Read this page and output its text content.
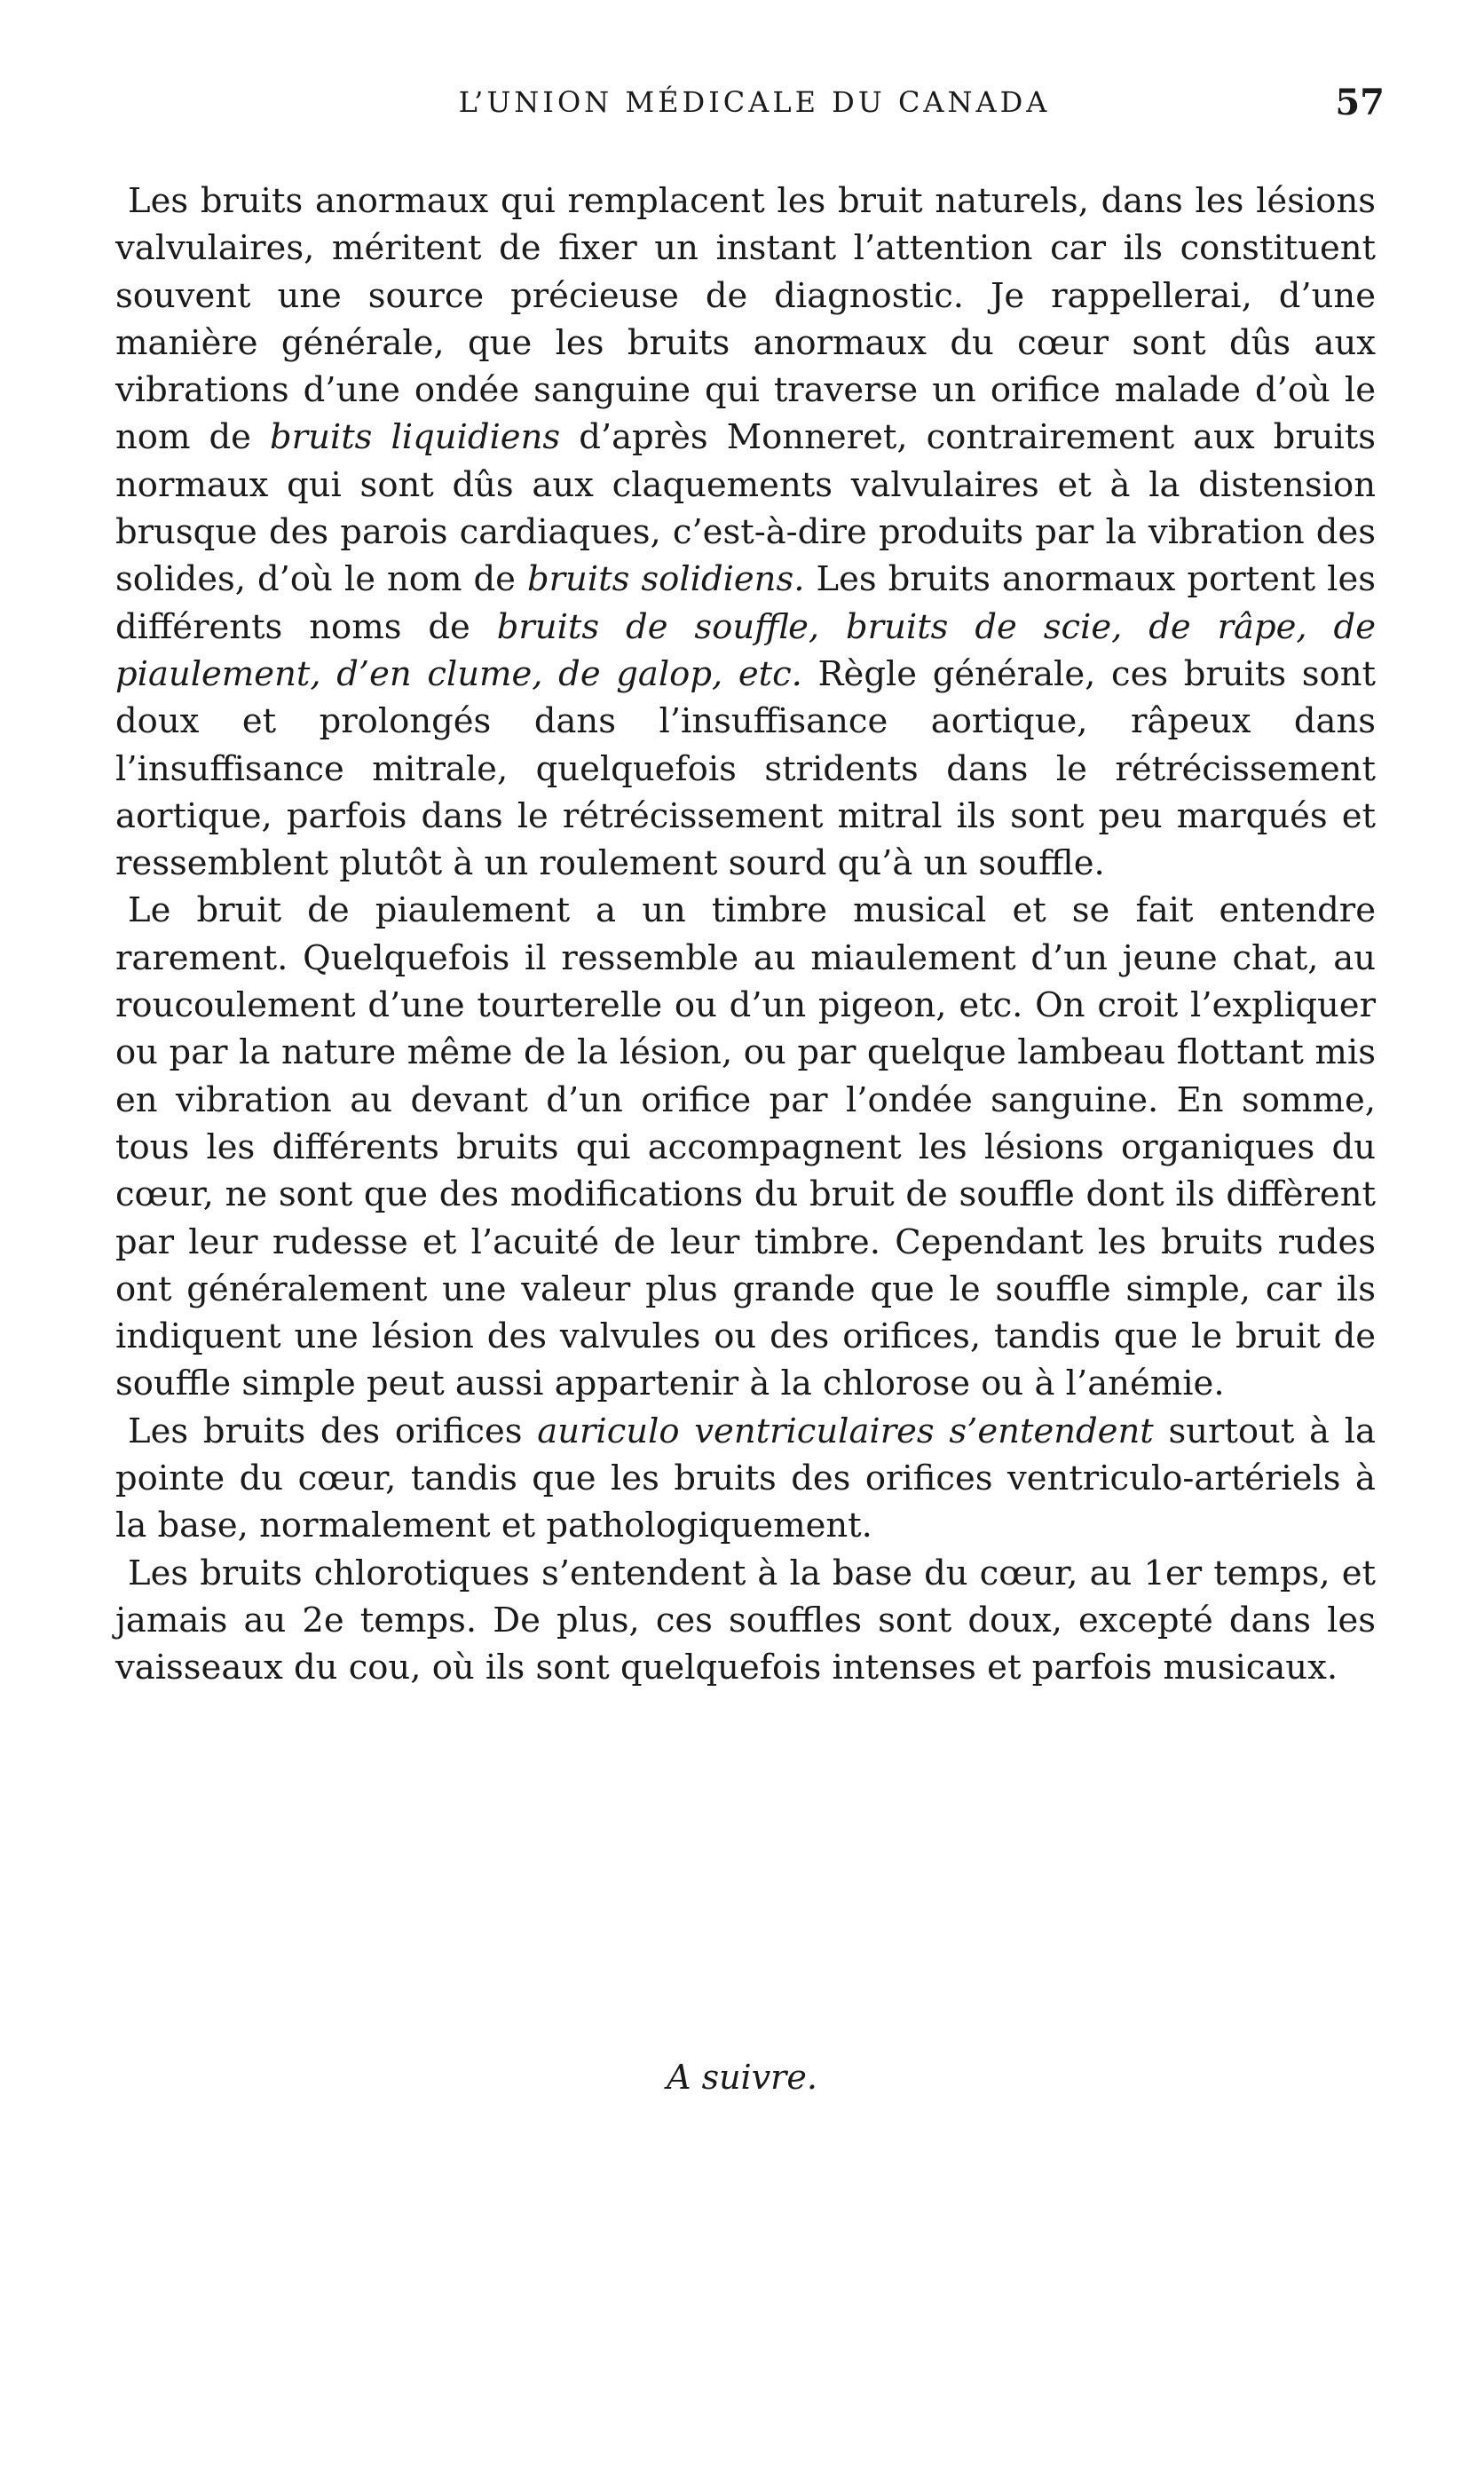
L’UNION MÉDICALE DU CANADA	57

Les bruits anormaux qui remplacent les bruit naturels, dans les lésions valvulaires, méritent de fixer un instant l’attention car ils constituent souvent une source précieuse de diagnostic. Je rappellerai, d’une manière générale, que les bruits anormaux du cœur sont dûs aux vibrations d’une ondée sanguine qui traverse un orifice malade d’où le nom de bruits liquidiens d’après Monneret, contrairement aux bruits normaux qui sont dûs aux claquements valvulaires et à la distension brusque des parois cardiaques, c’est-à-dire produits par la vibration des solides, d’où le nom de bruits solidiens. Les bruits anormaux portent les différents noms de bruits de souffle, bruits de scie, de râpe, de piaulement, d’en clume, de galop, etc. Règle générale, ces bruits sont doux et prolongés dans l’insuffisance aortique, râpeux dans l’insuffisance mitrale, quelquefois stridents dans le rétrécissement aortique, parfois dans le rétrécissement mitral ils sont peu marqués et ressemblent plutôt à un roulement sourd qu’à un souffle.

Le bruit de piaulement a un timbre musical et se fait entendre rarement. Quelquefois il ressemble au miaulement d’un jeune chat, au roucoulement d’une tourterelle ou d’un pigeon, etc. On croit l’expliquer ou par la nature même de la lésion, ou par quelque lambeau flottant mis en vibration au devant d’un orifice par l’ondée sanguine. En somme, tous les différents bruits qui accompagnent les lésions organiques du cœur, ne sont que des modifications du bruit de souffle dont ils diffèrent par leur rudesse et l’acuité de leur timbre. Cependant les bruits rudes ont généralement une valeur plus grande que le souffle simple, car ils indiquent une lésion des valvules ou des orifices, tandis que le bruit de souffle simple peut aussi appartenir à la chlorose ou à l’anémie.

Les bruits des orifices auriculo ventriculaires s’entendent surtout à la pointe du cœur, tandis que les bruits des orifices ventriculo-artériels à la base, normalement et pathologiquement.

Les bruits chlorotiques s’entendent à la base du cœur, au 1er temps, et jamais au 2e temps. De plus, ces souffles sont doux, excepté dans les vaisseaux du cou, où ils sont quelquefois intenses et parfois musicaux.

A suivre.
